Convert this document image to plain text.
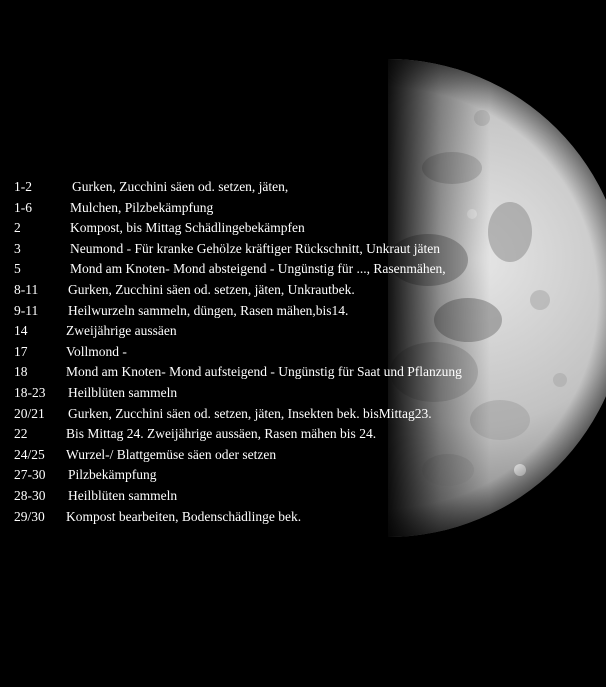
1-2	Gurken, Zucchini säen od. setzen, jäten,
1-6	Mulchen, Pilzbekämpfung
2	Kompost, bis Mittag Schädlingebekämpfen
3	Neumond - Für kranke Gehölze kräftiger Rückschnitt, Unkraut jäten
5	Mond am Knoten- Mond absteigend - Ungünstig für ..., Rasenmähen,
8-11 Gurken, Zucchini säen od. setzen, jäten, Unkrautbek.
9-11 Heilwurzeln sammeln, düngen, Rasen mähen,bis14.
14	Zweijährige aussäen
17	Vollmond -
18	Mond am Knoten- Mond aufsteigend - Ungünstig für Saat und Pflanzung
18-23 Heilblüten sammeln
20/21 Gurken, Zucchini säen od. setzen, jäten, Insekten bek. bisMittag23.
22	Bis Mittag 24. Zweijährige aussäen, Rasen mähen bis 24.
24/25 Wurzel-/ Blattgemüse säen oder setzen
27-30 Pilzbekämpfung
28-30 Heilblüten sammeln
29/30 Kompost bearbeiten, Bodenschädlinge bek.
